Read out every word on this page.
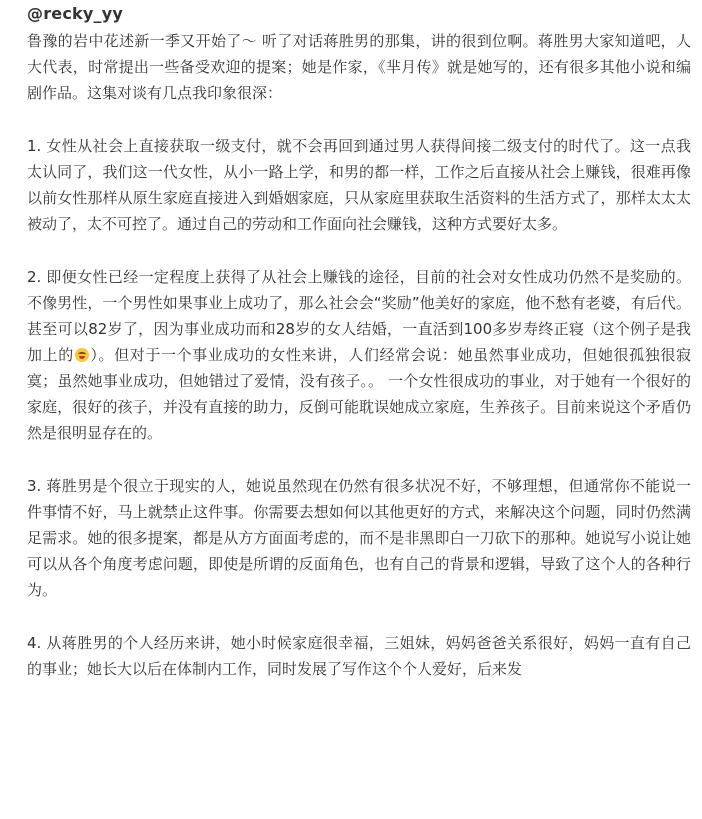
@recky_yy

鲁豫的岩中花述新一季又开始了～ 听了对话蒋胜男的那集，讲的很到位啊。蒋胜男大家知道吧，人大代表，时常提出一些备受欢迎的提案；她是作家，《芈月传》就是她写的，还有很多其他小说和编剧作品。这集对谈有几点我印象很深：

1. 女性从社会上直接获取一级支付，就不会再回到通过男人获得间接二级支付的时代了。这一点我太认同了，我们这一代女性，从小一路上学，和男的都一样，工作之后直接从社会上赚钱，很难再像以前女性那样从原生家庭直接进入到婚姻家庭，只从家庭里获取生活资料的生活方式了，那样太太太被动了，太不可控了。通过自己的劳动和工作面向社会赚钱，这种方式要好太多。

2. 即便女性已经一定程度上获得了从社会上赚钱的途径，目前的社会对女性成功仍然不是奖励的。不像男性，一个男性如果事业上成功了，那么社会会“奖励”他美好的家庭，他不愁有老婆，有后代。甚至可以82岁了，因为事业成功而和28岁的女人结婚，一直活到100多岁寿终正寝（这个例子是我加上的 ）。但对于一个事业成功的女性来讲，人们经常会说：她虽然事业成功，但她很孤独很寂寞；虽然她事业成功，但她错过了爱情，没有孩子。。 一个女性很成功的事业，对于她有一个很好的家庭，很好的孩子，并没有直接的助力，反倒可能耽误她成立家庭，生养孩子。目前来说这个矛盾仍然是很明显存在的。

3. 蒋胜男是个很立于现实的人，她说虽然现在仍然有很多状况不好，不够理想，但通常你不能说一件事情不好，马上就禁止这件事。你需要去想如何以其他更好的方式，来解决这个问题，同时仍然满足需求。她的很多提案，都是从方方面面考虑的，而不是非黑即白一刀砍下的那种。她说写小说让她可以从各个角度考虑问题，即使是所谓的反面角色，也有自己的背景和逻辑，导致了这个人的各种行为。

4. 从蒋胜男的个人经历来讲，她小时候家庭很幸福，三姐妹，妈妈爸爸关系很好，妈妈一直有自己的事业；她长大以后在体制内工作，同时发展了写作这个个人爱好，后来发
